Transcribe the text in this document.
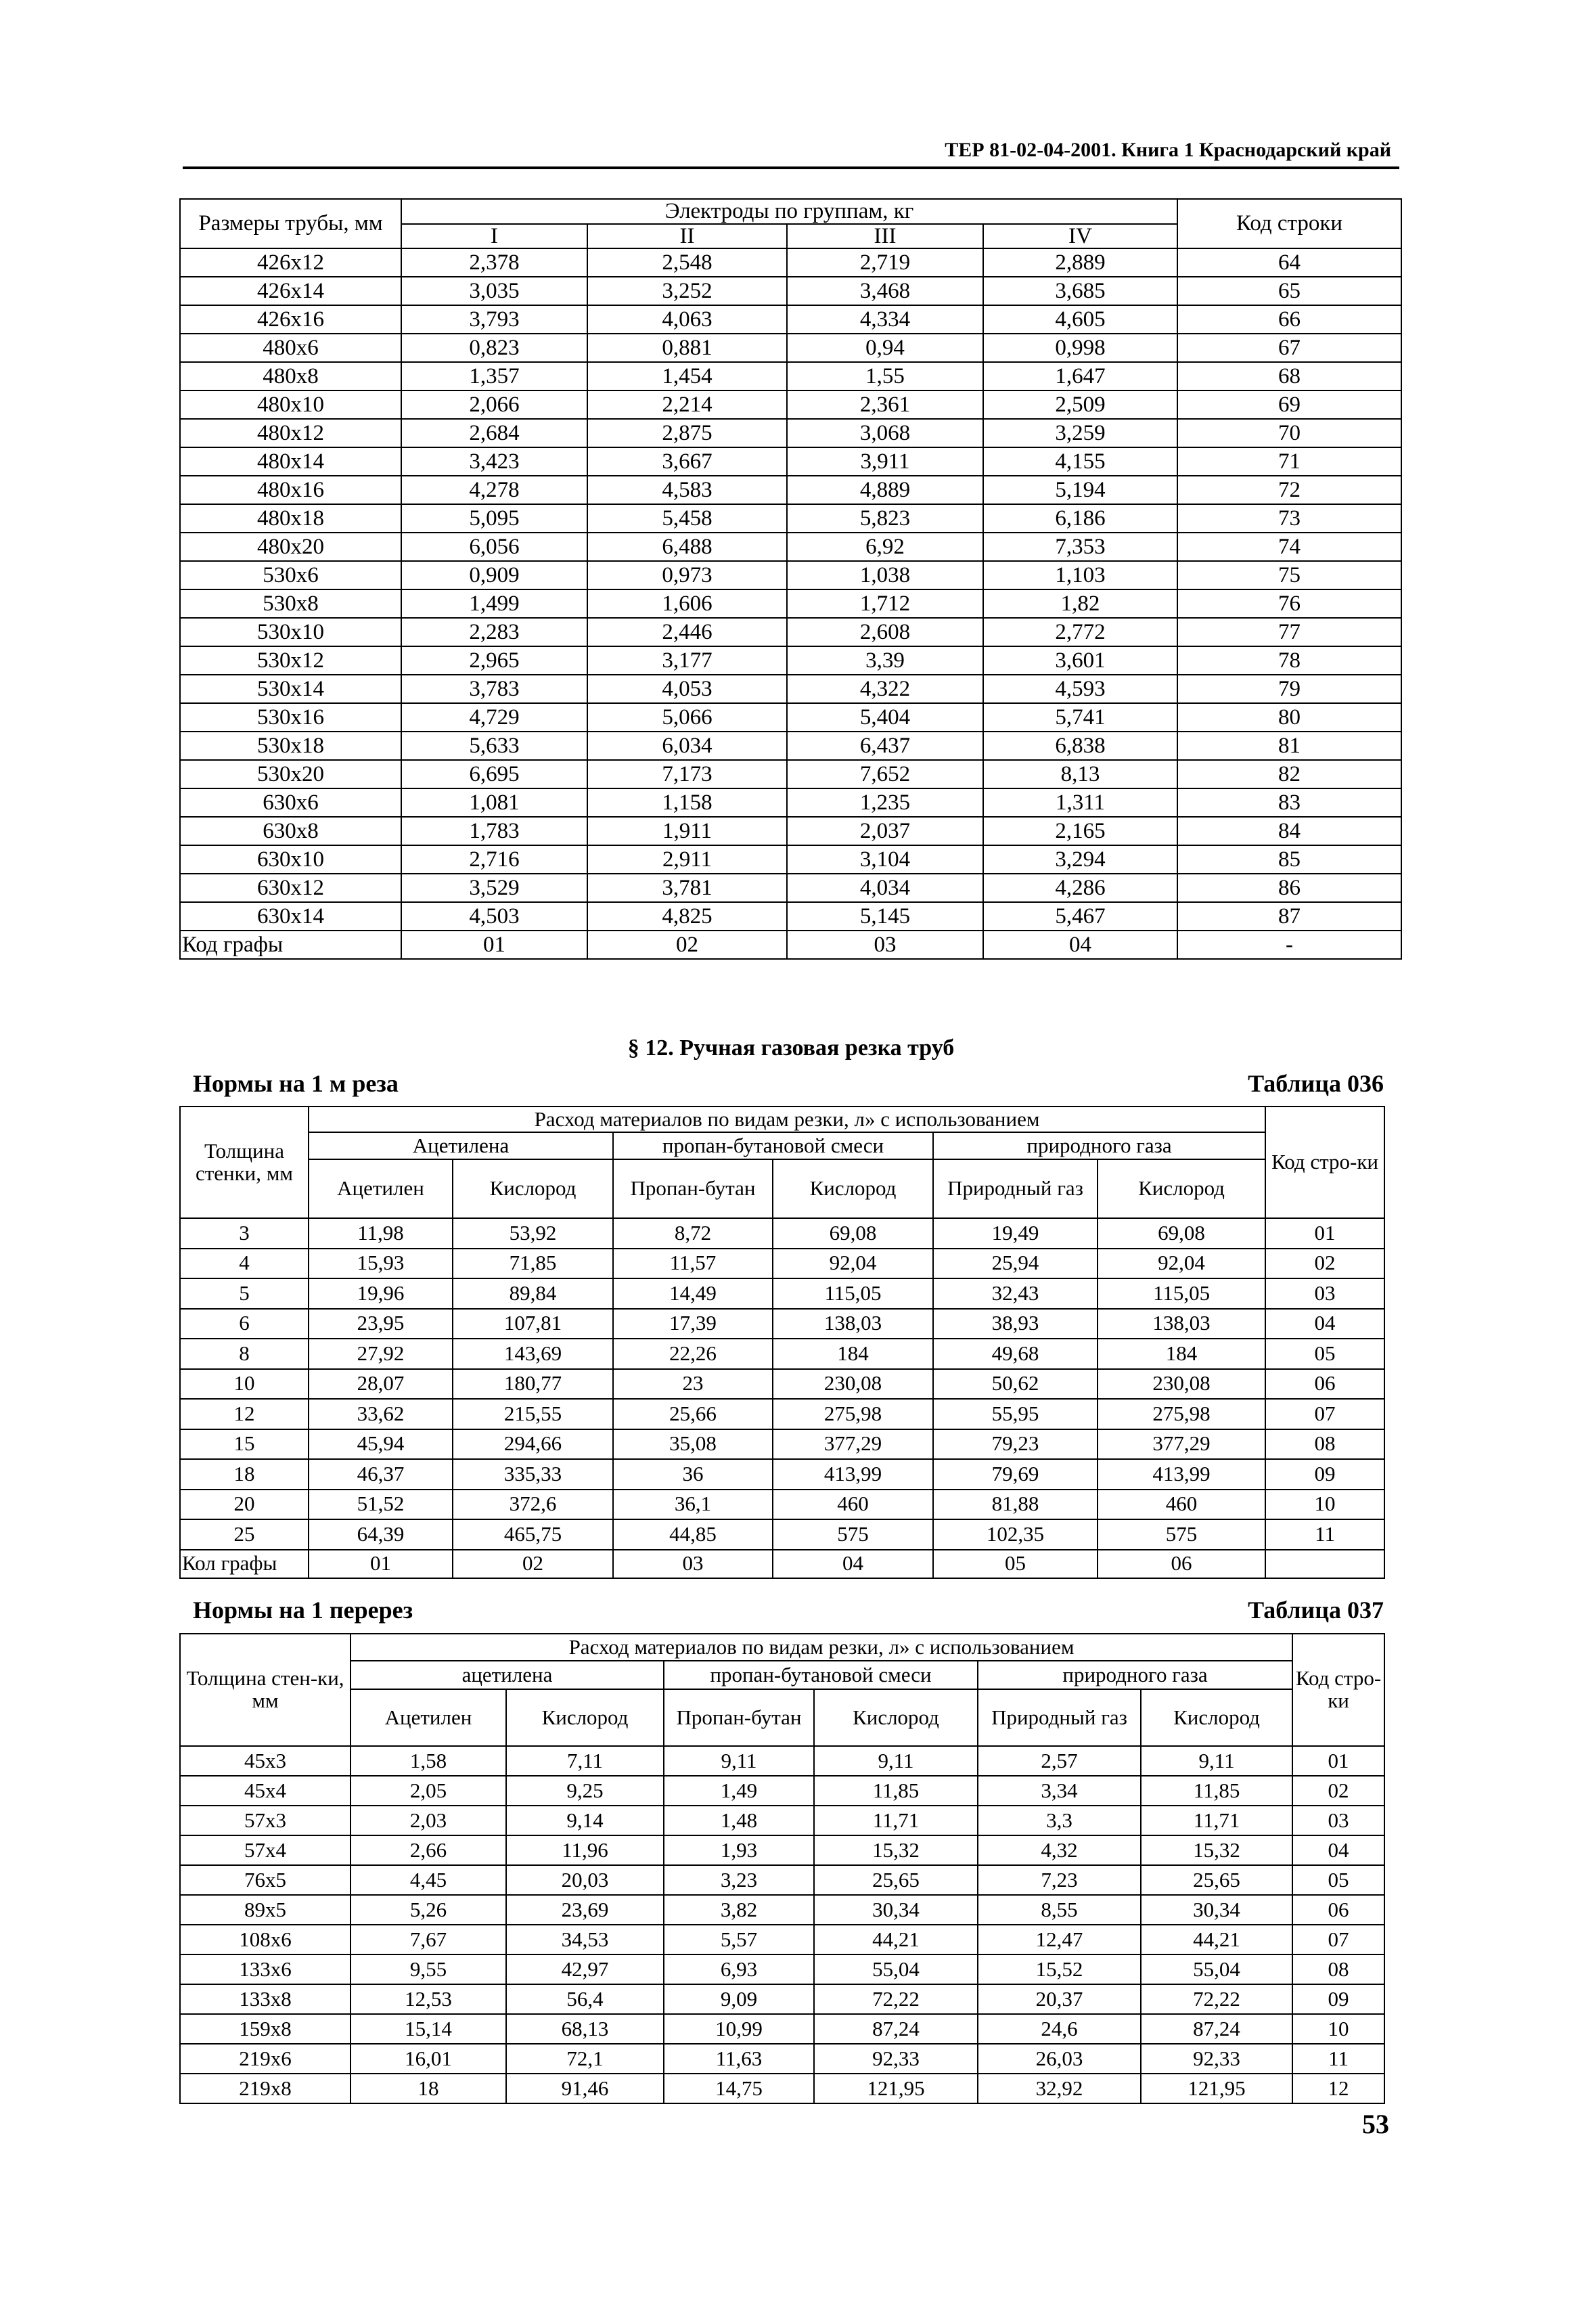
ТЕР 81-02-04-2001. Книга 1 Краснодарский край
Размеры трубы, мм	Электроды по группам, кг				Код строки
	I	II	III	IV	
426x12	2,378	2,548	2,719	2,889	64
426x14	3,035	3,252	3,468	3,685	65
426x16	3,793	4,063	4,334	4,605	66
480x6	0,823	0,881	0,94	0,998	67
480x8	1,357	1,454	1,55	1,647	68
480x10	2,066	2,214	2,361	2,509	69
480x12	2,684	2,875	3,068	3,259	70
480x14	3,423	3,667	3,911	4,155	71
480x16	4,278	4,583	4,889	5,194	72
480x18	5,095	5,458	5,823	6,186	73
480x20	6,056	6,488	6,92	7,353	74
530x6	0,909	0,973	1,038	1,103	75
530x8	1,499	1,606	1,712	1,82	76
530x10	2,283	2,446	2,608	2,772	77
530x12	2,965	3,177	3,39	3,601	78
530x14	3,783	4,053	4,322	4,593	79
530x16	4,729	5,066	5,404	5,741	80
530x18	5,633	6,034	6,437	6,838	81
530x20	6,695	7,173	7,652	8,13	82
630x6	1,081	1,158	1,235	1,311	83
630x8	1,783	1,911	2,037	2,165	84
630x10	2,716	2,911	3,104	3,294	85
630x12	3,529	3,781	4,034	4,286	86
630x14	4,503	4,825	5,145	5,467	87
Код графы	01	02	03	04	-
§ 12. Ручная газовая резка труб
Нормы на 1 м реза	Таблица 036
Толщина стенки, мм	Расход материалов по видам резки, л» с использованием						Код стро-ки
	Ацетилена		пропан-бутановой смеси		природного газа		
	Ацетилен	Кислород	Пропан-бутан	Кислород	Природный газ	Кислород	
3	11,98	53,92	8,72	69,08	19,49	69,08	01
4	15,93	71,85	11,57	92,04	25,94	92,04	02
5	19,96	89,84	14,49	115,05	32,43	115,05	03
6	23,95	107,81	17,39	138,03	38,93	138,03	04
8	27,92	143,69	22,26	184	49,68	184	05
10	28,07	180,77	23	230,08	50,62	230,08	06
12	33,62	215,55	25,66	275,98	55,95	275,98	07
15	45,94	294,66	35,08	377,29	79,23	377,29	08
18	46,37	335,33	36	413,99	79,69	413,99	09
20	51,52	372,6	36,1	460	81,88	460	10
25	64,39	465,75	44,85	575	102,35	575	11
Кол графы	01	02	03	04	05	06	
Нормы на 1 перерез	Таблица 037
Толщина стен-ки, мм	Расход материалов по видам резки, л» с использованием						Код стро-ки
	ацетилена		пропан-бутановой смеси		природного газа		
	Ацетилен	Кислород	Пропан-бутан	Кислород	Природный газ	Кислород	
45x3	1,58	7,11	9,11	9,11	2,57	9,11	01
45x4	2,05	9,25	1,49	11,85	3,34	11,85	02
57x3	2,03	9,14	1,48	11,71	3,3	11,71	03
57x4	2,66	11,96	1,93	15,32	4,32	15,32	04
76x5	4,45	20,03	3,23	25,65	7,23	25,65	05
89x5	5,26	23,69	3,82	30,34	8,55	30,34	06
108x6	7,67	34,53	5,57	44,21	12,47	44,21	07
133x6	9,55	42,97	6,93	55,04	15,52	55,04	08
133x8	12,53	56,4	9,09	72,22	20,37	72,22	09
159x8	15,14	68,13	10,99	87,24	24,6	87,24	10
219x6	16,01	72,1	11,63	92,33	26,03	92,33	11
219x8	18	91,46	14,75	121,95	32,92	121,95	12
53
